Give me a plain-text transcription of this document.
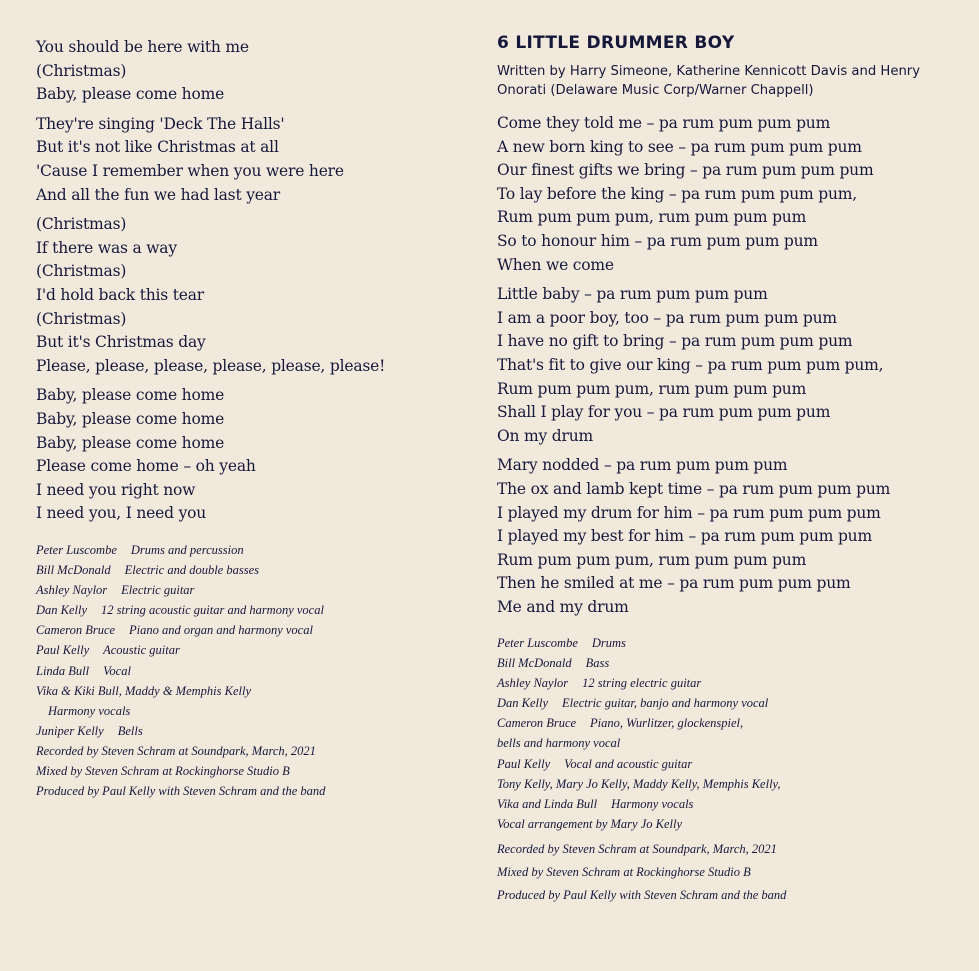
You should be here with me
(Christmas)
Baby, please come home
They're singing 'Deck The Halls'
But it's not like Christmas at all
'Cause I remember when you were here
And all the fun we had last year
(Christmas)
If there was a way
(Christmas)
I'd hold back this tear
(Christmas)
But it's Christmas day
Please, please, please, please, please, please!
Baby, please come home
Baby, please come home
Baby, please come home
Please come home – oh yeah
I need you right now
I need you, I need you
Peter Luscombe Drums and percussion
Bill McDonald Electric and double basses
Ashley Naylor Electric guitar
Dan Kelly 12 string acoustic guitar and harmony vocal
Cameron Bruce Piano and organ and harmony vocal
Paul Kelly Acoustic guitar
Linda Bull Vocal
Vika & Kiki Bull, Maddy & Memphis Kelly
Harmony vocals
Juniper Kelly Bells
Recorded by Steven Schram at Soundpark, March, 2021
Mixed by Steven Schram at Rockinghorse Studio B
Produced by Paul Kelly with Steven Schram and the band
6 LITTLE DRUMMER BOY
Written by Harry Simeone, Katherine Kennicott Davis and Henry Onorati (Delaware Music Corp/Warner Chappell)
Come they told me – pa rum pum pum pum
A new born king to see – pa rum pum pum pum
Our finest gifts we bring – pa rum pum pum pum
To lay before the king – pa rum pum pum pum,
Rum pum pum pum, rum pum pum pum
So to honour him – pa rum pum pum pum
When we come
Little baby – pa rum pum pum pum
I am a poor boy, too – pa rum pum pum pum
I have no gift to bring – pa rum pum pum pum
That's fit to give our king – pa rum pum pum pum,
Rum pum pum pum, rum pum pum pum
Shall I play for you – pa rum pum pum pum
On my drum
Mary nodded – pa rum pum pum pum
The ox and lamb kept time – pa rum pum pum pum
I played my drum for him – pa rum pum pum pum
I played my best for him – pa rum pum pum pum
Rum pum pum pum, rum pum pum pum
Then he smiled at me – pa rum pum pum pum
Me and my drum
Peter Luscombe Drums
Bill McDonald Bass
Ashley Naylor 12 string electric guitar
Dan Kelly Electric guitar, banjo and harmony vocal
Cameron Bruce Piano, Wurlitzer, glockenspiel,
bells and harmony vocal
Paul Kelly Vocal and acoustic guitar
Tony Kelly, Mary Jo Kelly, Maddy Kelly, Memphis Kelly,
Vika and Linda Bull Harmony vocals
Vocal arrangement by Mary Jo Kelly
Recorded by Steven Schram at Soundpark, March, 2021
Mixed by Steven Schram at Rockinghorse Studio B
Produced by Paul Kelly with Steven Schram and the band
